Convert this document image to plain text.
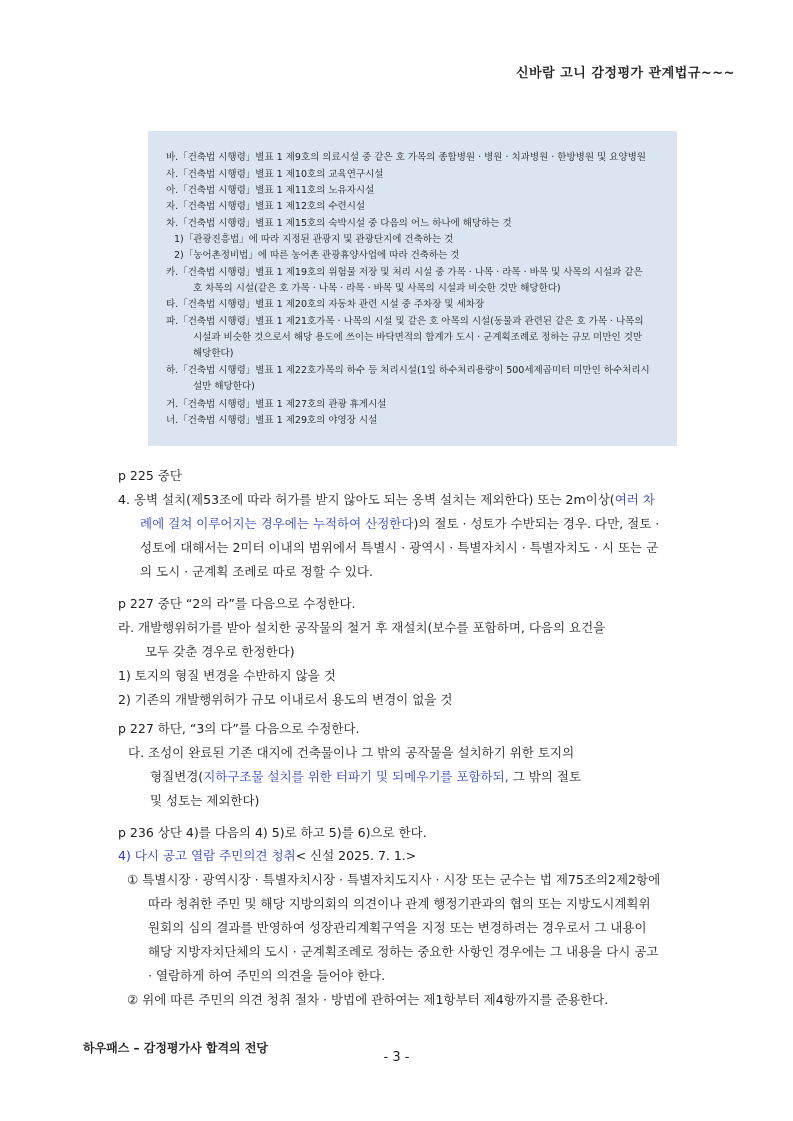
신바람 고니 감정평가 관계법규~~~
바.「건축법 시행령」별표 1 제9호의 의료시설 중 같은 호 가목의 종합병원 · 병원 · 치과병원 · 한방병원 및 요양병원
사.「건축법 시행령」별표 1 제10호의 교육연구시설
아.「건축법 시행령」별표 1 제11호의 노유자시설
자.「건축법 시행령」별표 1 제12호의 수련시설
차.「건축법 시행령」별표 1 제15호의 숙박시설 중 다음의 어느 하나에 해당하는 것
1)「관광진흥법」에 따라 지정된 관광지 및 관광단지에 건축하는 것
2)「농어촌정비법」에 따른 농어촌 관광휴양사업에 따라 건축하는 것
카.「건축법 시행령」별표 1 제19호의 위험물 저장 및 처리 시설 중 가목 · 나목 · 라목 · 바목 및 사목의 시설과 같은
호 차목의 시설(같은 호 가목 · 나목 · 라목 · 바목 및 사목의 시설과 비슷한 것만 해당한다)
타.「건축법 시행령」별표 1 제20호의 자동차 관련 시설 중 주차장 및 세차장
파.「건축법 시행령」별표 1 제21호가목 · 나목의 시설 및 같은 호 아목의 시설(동물과 관련된 같은 호 가목 · 나목의
시설과 비슷한 것으로서 해당 용도에 쓰이는 바닥면적의 합계가 도시 · 군계획조례로 정하는 규모 미만인 것만
해당한다)
하.「건축법 시행령」별표 1 제22호가목의 하수 등 처리시설(1일 하수처리용량이 500세제곱미터 미만인 하수처리시
설만 해당한다)
거.「건축법 시행령」별표 1 제27호의 관광 휴게시설
너.「건축법 시행령」별표 1 제29호의 야영장 시설
p 225 중단
4. 옹벽 설치(제53조에 따라 허가를 받지 않아도 되는 옹벽 설치는 제외한다) 또는 2m이상(여러 차
례에 걸쳐 이루어지는 경우에는 누적하여 산정한다)의 절토 · 성토가 수반되는 경우. 다만, 절토 ·
성토에 대해서는 2미터 이내의 범위에서 특별시 · 광역시 · 특별자치시 · 특별자치도 · 시 또는 군
의 도시 · 군계획 조례로 따로 정할 수 있다.
p 227 중단 “2의 라”를 다음으로 수정한다.
라. 개발행위허가를 받아 설치한 공작물의 철거 후 재설치(보수를 포함하며, 다음의 요건을
모두 갖춘 경우로 한정한다)
1) 토지의 형질 변경을 수반하지 않을 것
2) 기존의 개발행위허가 규모 이내로서 용도의 변경이 없을 것
p 227 하단, “3의 다”를 다음으로 수정한다.
다. 조성이 완료된 기존 대지에 건축물이나 그 밖의 공작물을 설치하기 위한 토지의
형질변경(지하구조물 설치를 위한 터파기 및 되메우기를 포함하되, 그 밖의 절토
및 성토는 제외한다)
p 236 상단 4)를 다음의 4) 5)로 하고 5)를 6)으로 한다.
4) 다시 공고 열람 주민의견 청취< 신설 2025. 7. 1.>
① 특별시장 · 광역시장 · 특별자치시장 · 특별자치도지사 · 시장 또는 군수는 법 제75조의2제2항에
따라 청취한 주민 및 해당 지방의회의 의견이나 관계 행정기관과의 협의 또는 지방도시계획위
원회의 심의 결과를 반영하여 성장관리계획구역을 지정 또는 변경하려는 경우로서 그 내용이
해당 지방자치단체의 도시 · 군계획조례로 정하는 중요한 사항인 경우에는 그 내용을 다시 공고
· 열람하게 하여 주민의 의견을 들어야 한다.
② 위에 따른 주민의 의견 청취 절차 · 방법에 관하여는 제1항부터 제4항까지를 준용한다.
하우패스 – 감정평가사 합격의 전당
- 3 -
